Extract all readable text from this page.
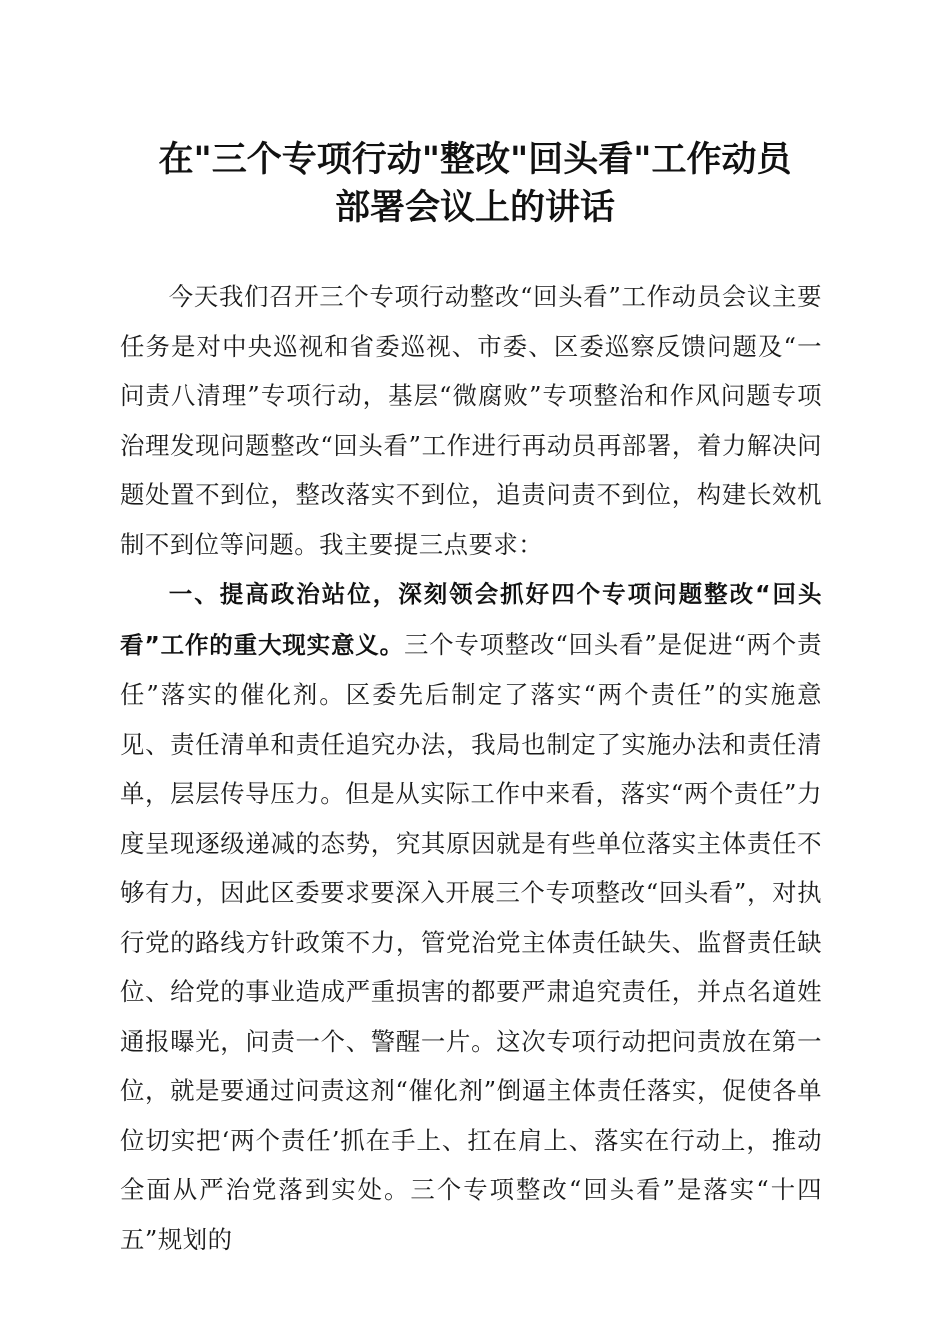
在"三个专项行动"整改"回头看"工作动员
部署会议上的讲话

今天我们召开三个专项行动整改“回头看”工作动员会议主要任务是对中央巡视和省委巡视、市委、区委巡察反馈问题及“一问责八清理”专项行动，基层“微腐败”专项整治和作风问题专项治理发现问题整改“回头看”工作进行再动员再部署，着力解决问题处置不到位，整改落实不到位，追责问责不到位，构建长效机制不到位等问题。我主要提三点要求：

一、提高政治站位，深刻领会抓好四个专项问题整改“回头看”工作的重大现实意义。三个专项整改“回头看”是促进“两个责任”落实的催化剂。区委先后制定了落实“两个责任”的实施意见、责任清单和责任追究办法，我局也制定了实施办法和责任清单，层层传导压力。但是从实际工作中来看，落实“两个责任”力度呈现逐级递减的态势，究其原因就是有些单位落实主体责任不够有力，因此区委要求要深入开展三个专项整改“回头看”，对执行党的路线方针政策不力，管党治党主体责任缺失、监督责任缺位、给党的事业造成严重损害的都要严肃追究责任，并点名道姓通报曝光，问责一个、警醒一片。这次专项行动把问责放在第一位，就是要通过问责这剂“催化剂”倒逼主体责任落实，促使各单位切实把‘两个责任’抓在手上、扛在肩上、落实在行动上，推动全面从严治党落到实处。三个专项整改“回头看”是落实“十四五”规划的
